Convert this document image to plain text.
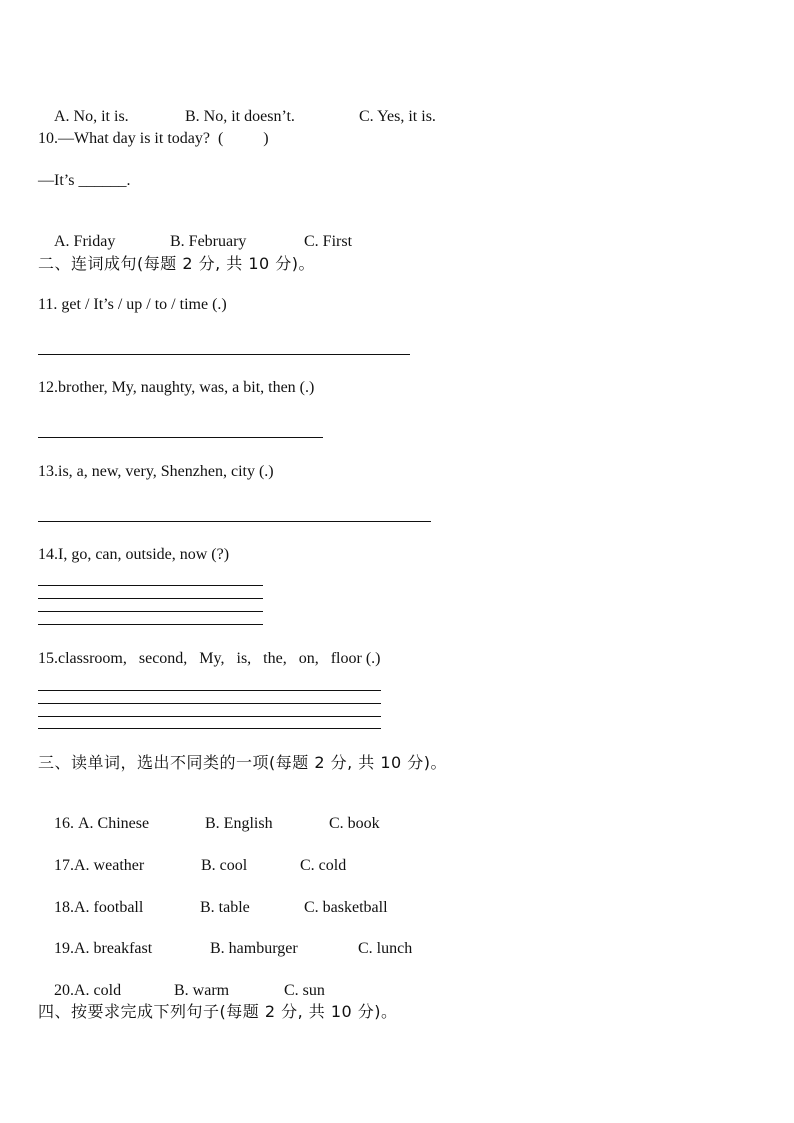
A. No, it is.	B. No, it doesn’t.	C. Yes, it is.

10.—What day is it today?  (          )
—It’s ______.

A. Friday	B. February	C. First

二、连词成句(每题 2 分, 共 10 分)。
11. get / It’s / up / to / time (.)
12.brother, My, naughty, was, a bit, then (.)
13.is, a, new, very, Shenzhen, city (.)
14.I, go, can, outside, now (?)
15.classroom,   second,   My,   is,   the,   on,   floor (.)
三、读单词，选出不同类的一项(每题 2 分, 共 10 分)。

16. A. Chinese	B. English	C. book

17.A. weather	B. cool	C. cold

18.A. football	B. table	C. basketball

19.A. breakfast	B. hamburger	C. lunch

20.A. cold	B. warm	C. sun

四、按要求完成下列句子(每题 2 分, 共 10 分)。
